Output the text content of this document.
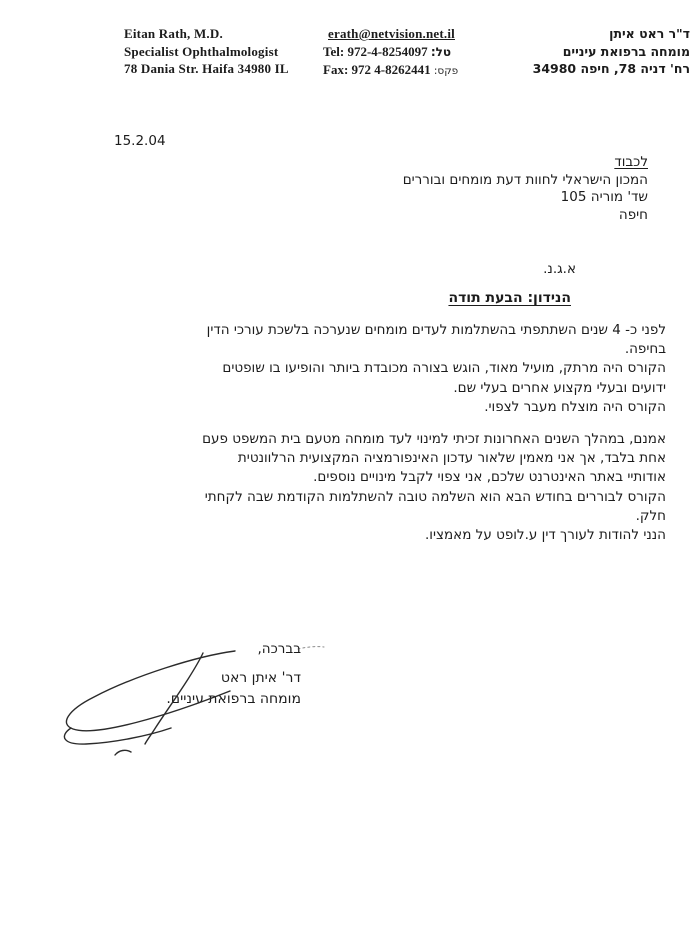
Eitan Rath, M.D.
Specialist Ophthalmologist
78 Dania Str. Haifa 34980 IL
erath@netvision.net.il
Tel: 972-4-8254097 טל:
Fax: 972 4-8262441 פקס:
ד"ר ראט איתן
מומחה ברפואת עיניים
רח' דניה 78, חיפה 34980
15.2.04
לכבוד
המכון הישראלי לחוות דעת מומחים ובוררים
שד' מוריה 105
חיפה
א.ג.נ.
הנידון: הבעת תודה
לפני כ- 4 שנים השתתפתי בהשתלמות לעדים מומחים שנערכה בלשכת עורכי הדין
בחיפה.
הקורס היה מרתק, מועיל מאוד, הוגש בצורה מכובדת ביותר והופיעו בו שופטים
ידועים ובעלי מקצוע אחרים בעלי שם.
הקורס היה מוצלח מעבר לצפוי.
אמנם, במהלך השנים האחרונות זכיתי למינוי לעד מומחה מטעם בית המשפט פעם
אחת בלבד, אך אני מאמין שלאור עדכון האינפורמציה המקצועית הרלוונטית
אודותיי באתר האינטרנט שלכם, אני צפוי לקבל מינויים נוספים.
הקורס לבוררים בחודש הבא הוא השלמה טובה להשתלמות הקודמת שבה לקחתי
חלק.
הנני להודות לעורך דין ע.לופט על מאמציו.
בברכה,
דר' איתן ראט
מומחה ברפואת עיניים.
